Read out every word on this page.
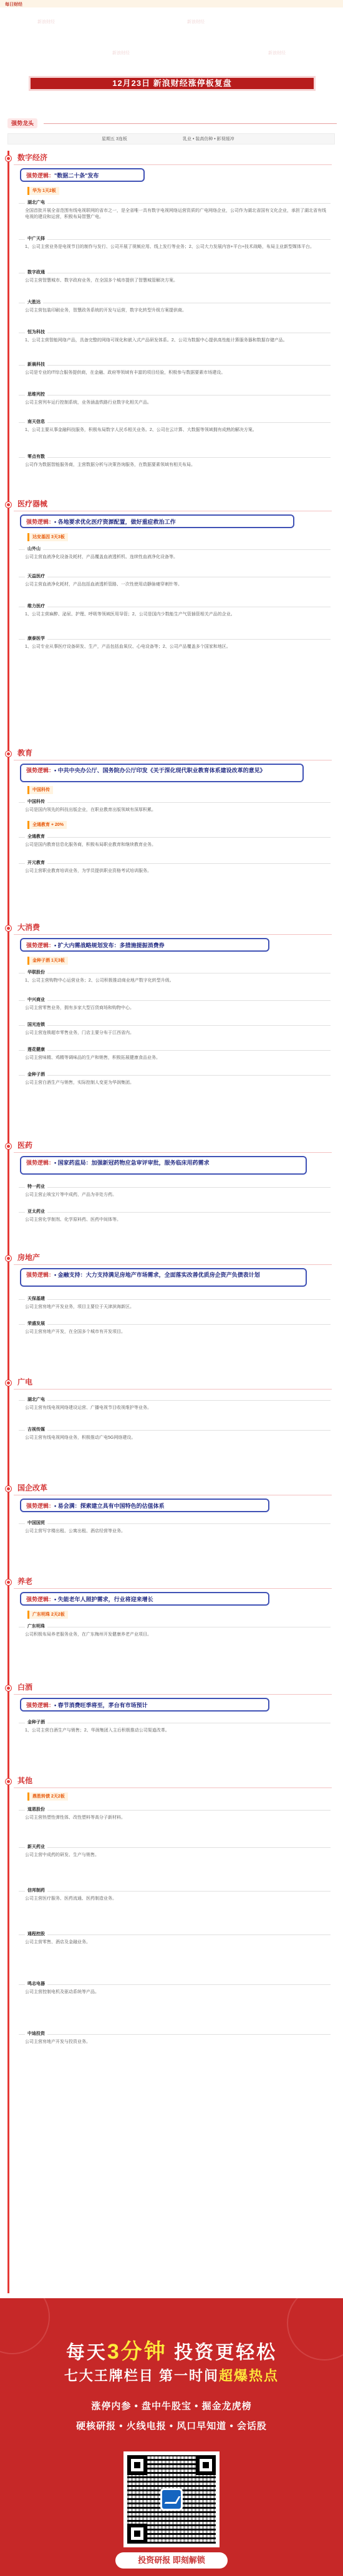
每日财经
新浪财经	新浪财经
新浪财经	新浪财经
12月23日 新浪财经涨停板复盘
强势龙头
星期五 3连板	乳业 • 装高仿种 • 影视缓冲
数字经济
强势逻辑："数据二十条"发布
华为 1天2板
湖北广电
全国首批开展全省范围有线电视联网的省市之一，是全省唯一具有数字电视网络运营资质的广电网络企业，公司作为湖北省国有文化企业，承担了湖北省有线电视的建设和运营，积极布局智慧广电。
中广天择
1、公司主营业务是电视节目的制作与发行、公司开展了视频应用、线上发行等业务；2、公司大力发展内容+平台+技术战略，布局主业新型媒体平台。
数字政通
公司主营智慧城市、数字政府业务，在全国多个城市提供了智慧城管解决方案。
大胜达
公司主营包装印刷业务，智慧政务系统的开发与运营，数字化转型升级方案提供商。
恒为科技
1、公司主营智能网络产品，具备完整的网络可视化和嵌入式产品研发体系。2、公司为数据中心提供高性能计算服务器和数据存储产品。
新晨科技
公司是专业的IT综合服务提供商，在金融、政府等领域有丰富的项目经验，积极参与数据要素市场建设。
思维列控
公司主营列车运行控制系统，业务涵盖铁路行业数字化相关产品。
南天信息
1、公司主要从事金融科技服务，积极布局数字人民币相关业务。2、公司在云计算、大数据等领域拥有成熟的解决方案。
零点有数
公司作为数据智能服务商，主营数据分析与决策咨询服务，在数据要素领域有相关布局。
医疗器械
强势逻辑：• 各地要求优化医疗资源配置，做好重症救治工作
达安基因 3天3板
山外山
公司主营血液净化设备及耗材，产品覆盖血液透析机、连续性血液净化设备等。
天益医疗
公司主营血液净化耗材，产品包括血液透析管路、一次性使用动静脉瘘穿刺针等。
维力医疗
1、公司主营麻醉、泌尿、护理、呼吸等领域医用导管；2、公司是国内少数能生产气管插管相关产品的企业。
康泰医学
1、公司专业从事医疗设备研发、生产，产品包括血氧仪、心电设备等；2、公司产品覆盖多个国家和地区。
教育
强势逻辑：• 中共中央办公厅、国务院办公厅印发《关于深化现代职业教育体系建设改革的意见》
中国科传
中国科传
公司是国内领先的科技出版企业，在职业教育出版领域有深厚积累。
全通教育 + 20%
全通教育
公司是国内教育信息化服务商，积极布局职业教育和继续教育业务。
开元教育
公司主营职业教育培训业务，为学员提供职业资格考试培训服务。
大消费
强势逻辑：• 扩大内需战略规划发布：多措施提振消费券
金种子酒 1天3板
华联股份
1、公司主营购物中心运营业务；2、公司积极推动商业地产数字化转型升级。
中兴商业
公司主营零售业务，拥有多家大型百货商场和购物中心。
国光连锁
公司主营连锁超市零售业务，门店主要分布于江西省内。
莲花健康
公司主营味精、鸡精等调味品的生产和销售，积极拓展健康食品业务。
金种子酒
公司主营白酒生产与销售，实际控制人变更为华润集团。
医药
强势逻辑：• 国家药监局：加强新冠药物应急审评审批，服务临床用药需求
特一药业
公司主营止咳宝片等中成药，产品为非处方药。
亚太药业
公司主营化学制剂、化学原料药、医药中间体等。
房地产
强势逻辑：• 金融支持：大力支持满足房地产市场需求，全面落实改善优质房企资产负债表计划
天保基建
公司主营房地产开发业务，项目主要位于天津滨海新区。
荣盛发展
公司主营房地产开发，在全国多个城市有开发项目。
广电
湖北广电
公司主营有线电视网络建设运营、广播电视节目收视维护等业务。
吉视传媒
公司主营有线电视网络业务，积极推动广电5G网络建设。
国企改革
强势逻辑：• 易会满：探索建立具有中国特色的估值体系
中国国贸
公司主营写字楼出租、公寓出租、酒店经营等业务。
养老
强势逻辑：• 失能老年人照护需求，行业将迎来增长
广东明珠 2天2板
广东明珠
公司积极布局养老服务业务，在广东梅州开发健康养老产业项目。
白酒
强势逻辑：• 春节消费旺季将至，茅台有市场预计
金种子酒
1、公司主营白酒生产与销售；2、华润集团入主后积极推动公司渠道改革。
其他
鼎胜转债 2天2板
道恩股份
公司主营热塑性弹性体、改性塑料等高分子新材料。
新天药业
公司主营中成药的研发、生产与销售。
信邦制药
公司主营医疗服务、医药流通、医药制造业务。
通程控股
公司主营零售、酒店及金融业务。
鸣志电器
公司主营控制电机及驱动系统等产品。
中迪投资
公司主营房地产开发与投资业务。
每天3分钟 投资更轻松
七大王牌栏目 第一时间超爆热点
涨停内参 • 盘中牛股宝 • 掘金龙虎榜
硬核研报 • 火线电报 • 风口早知道 • 会话股
投资研报 即刻解锁
